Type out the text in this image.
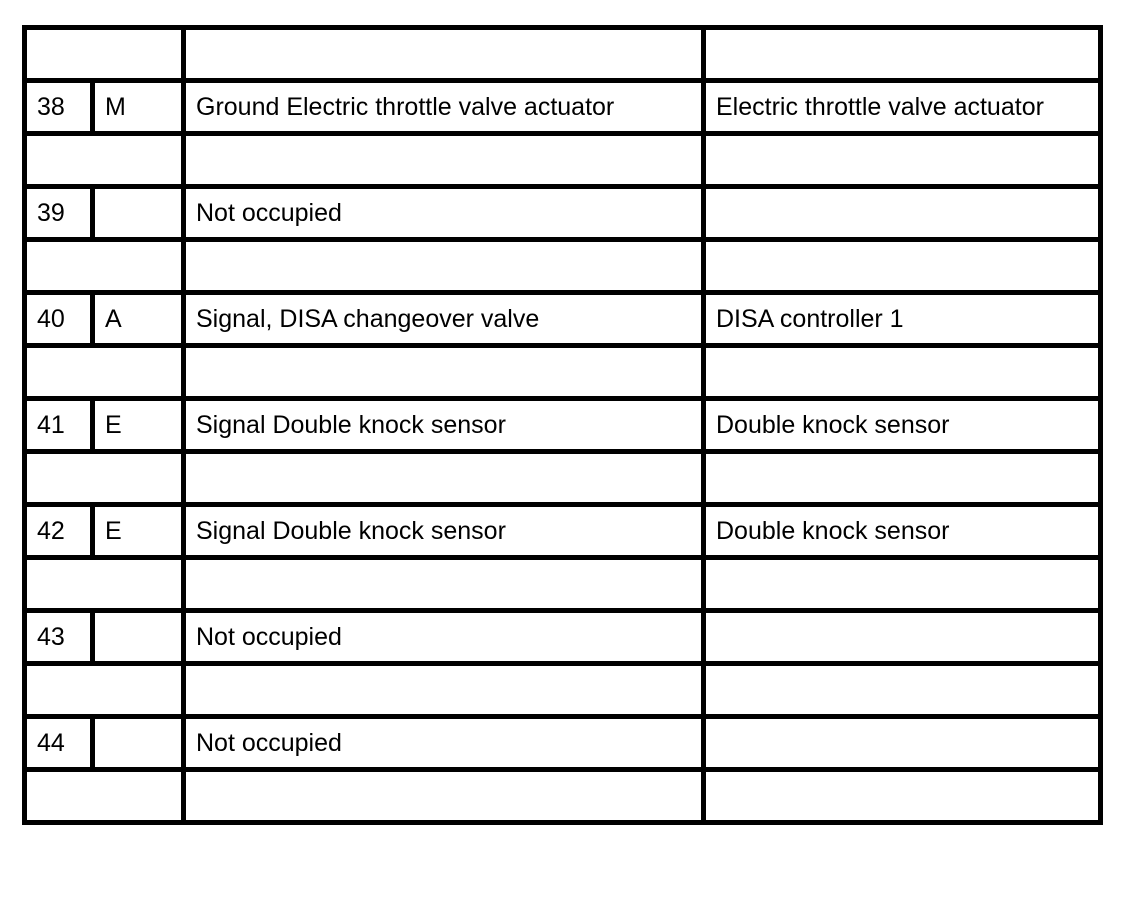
38	M	Ground Electric throttle valve actuator	Electric throttle valve actuator

39		Not occupied	

40	A	Signal, DISA changeover valve	DISA controller 1

41	E	Signal Double knock sensor	Double knock sensor

42	E	Signal Double knock sensor	Double knock sensor

43		Not occupied	

44		Not occupied	
